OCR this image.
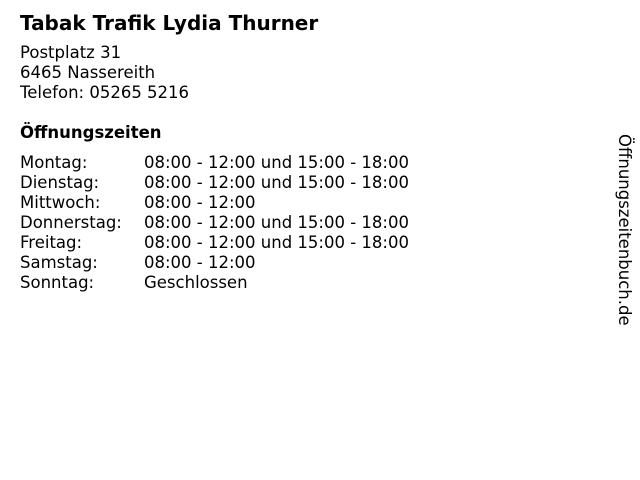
Tabak Trafik Lydia Thurner
Postplatz 31
6465 Nassereith
Telefon: 05265 5216
Öffnungszeiten
Montag:	08:00 - 12:00 und 15:00 - 18:00
Dienstag:	08:00 - 12:00 und 15:00 - 18:00
Mittwoch:	08:00 - 12:00
Donnerstag:	08:00 - 12:00 und 15:00 - 18:00
Freitag:	08:00 - 12:00 und 15:00 - 18:00
Samstag:	08:00 - 12:00
Sonntag:	Geschlossen	Öffnungszeitenbuch.de
